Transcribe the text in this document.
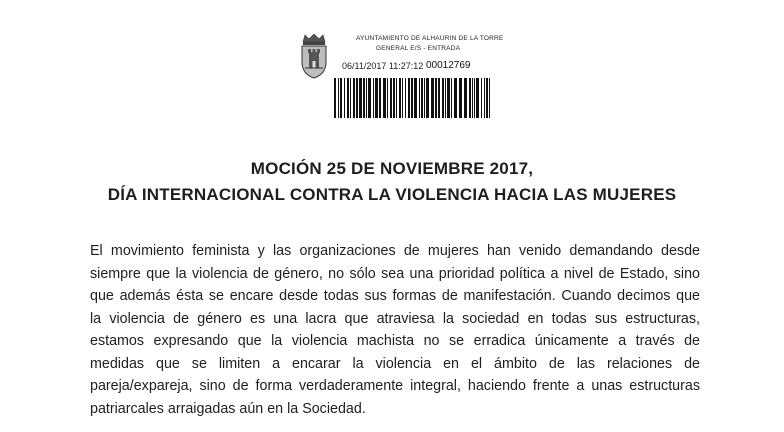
AYUNTAMIENTO DE ALHAURIN DE LA TORRE
GENERAL E/S - ENTRADA
06/11/2017 11:27:12 00012769
MOCIÓN 25 DE NOVIEMBRE 2017,
DÍA INTERNACIONAL CONTRA LA VIOLENCIA HACIA LAS MUJERES
El movimiento feminista y las organizaciones de mujeres han venido demandando desde
siempre que la violencia de género, no sólo sea una prioridad política a nivel de Estado, sino
que además ésta se encare desde todas sus formas de manifestación. Cuando decimos que
la violencia de género es una lacra que atraviesa la sociedad en todas sus estructuras,
estamos expresando que la violencia machista no se erradica únicamente a través de
medidas que se limiten a encarar la violencia en el ámbito de las relaciones de
pareja/expareja, sino de forma verdaderamente integral, haciendo frente a unas estructuras
patriarcales arraigadas aún en la Sociedad.
